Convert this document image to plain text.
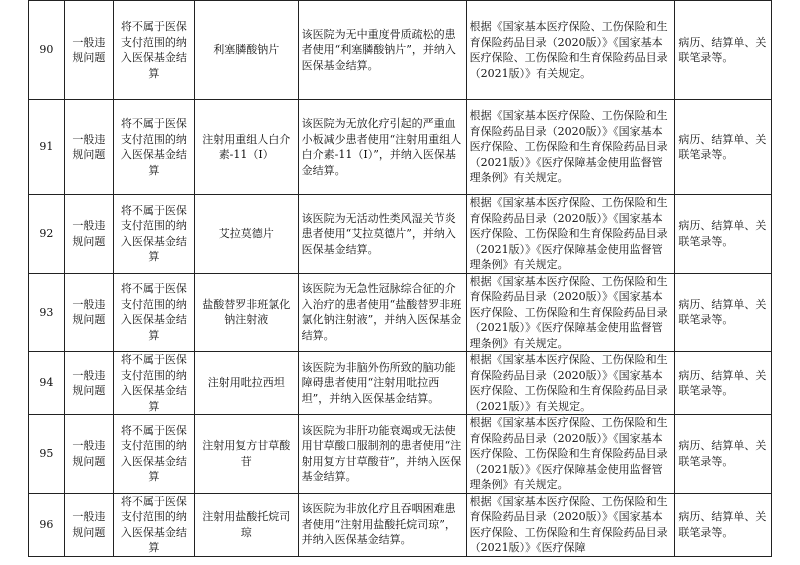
90	一般违规问题	将不属于医保支付范围的纳入医保基金结算	利塞膦酸钠片	该医院为无中重度骨质疏松的患者使用“利塞膦酸钠片”，并纳入医保基金结算。	根据《国家基本医疗保险、工伤保险和生育保险药品目录（2020版）》《国家基本医疗保险、工伤保险和生育保险药品目录（2021版）》有关规定。	病历、结算单、关联笔录等。
91	一般违规问题	将不属于医保支付范围的纳入医保基金结算	注射用重组人白介素-11（Ⅰ）	该医院为无放化疗引起的严重血小板减少患者使用“注射用重组人白介素-11（Ⅰ）”，并纳入医保基金结算。	根据《国家基本医疗保险、工伤保险和生育保险药品目录（2020版）》《国家基本医疗保险、工伤保险和生育保险药品目录（2021版）》《医疗保障基金使用监督管理条例》有关规定。	病历、结算单、关联笔录等。
92	一般违规问题	将不属于医保支付范围的纳入医保基金结算	艾拉莫德片	该医院为无活动性类风湿关节炎患者使用“艾拉莫德片”，并纳入医保基金结算。	根据《国家基本医疗保险、工伤保险和生育保险药品目录（2020版）》《国家基本医疗保险、工伤保险和生育保险药品目录（2021版）》《医疗保障基金使用监督管理条例》有关规定。	病历、结算单、关联笔录等。
93	一般违规问题	将不属于医保支付范围的纳入医保基金结算	盐酸替罗非班氯化钠注射液	该医院为无急性冠脉综合征的介入治疗的患者使用“盐酸替罗非班氯化钠注射液”，并纳入医保基金结算。	根据《国家基本医疗保险、工伤保险和生育保险药品目录（2020版）》《国家基本医疗保险、工伤保险和生育保险药品目录（2021版）》《医疗保障基金使用监督管理条例》有关规定。	病历、结算单、关联笔录等。
94	一般违规问题	将不属于医保支付范围的纳入医保基金结算	注射用吡拉西坦	该医院为非脑外伤所致的脑功能障碍患者使用“注射用吡拉西坦”，并纳入医保基金结算。	根据《国家基本医疗保险、工伤保险和生育保险药品目录（2020版）》《国家基本医疗保险、工伤保险和生育保险药品目录（2021版）》有关规定。	病历、结算单、关联笔录等。
95	一般违规问题	将不属于医保支付范围的纳入医保基金结算	注射用复方甘草酸苷	该医院为非肝功能衰竭或无法使用甘草酸口服制剂的患者使用“注射用复方甘草酸苷”，并纳入医保基金结算。	根据《国家基本医疗保险、工伤保险和生育保险药品目录（2020版）》《国家基本医疗保险、工伤保险和生育保险药品目录（2021版）》《医疗保障基金使用监督管理条例》有关规定。	病历、结算单、关联笔录等。
96	一般违规问题	将不属于医保支付范围的纳入医保基金结算	注射用盐酸托烷司琼	该医院为非放化疗且吞咽困难患者使用“注射用盐酸托烷司琼”，并纳入医保基金结算。	根据《国家基本医疗保险、工伤保险和生育保险药品目录（2020版）》《国家基本医疗保险、工伤保险和生育保险药品目录（2021版）》《医疗保障	病历、结算单、关联笔录等。
